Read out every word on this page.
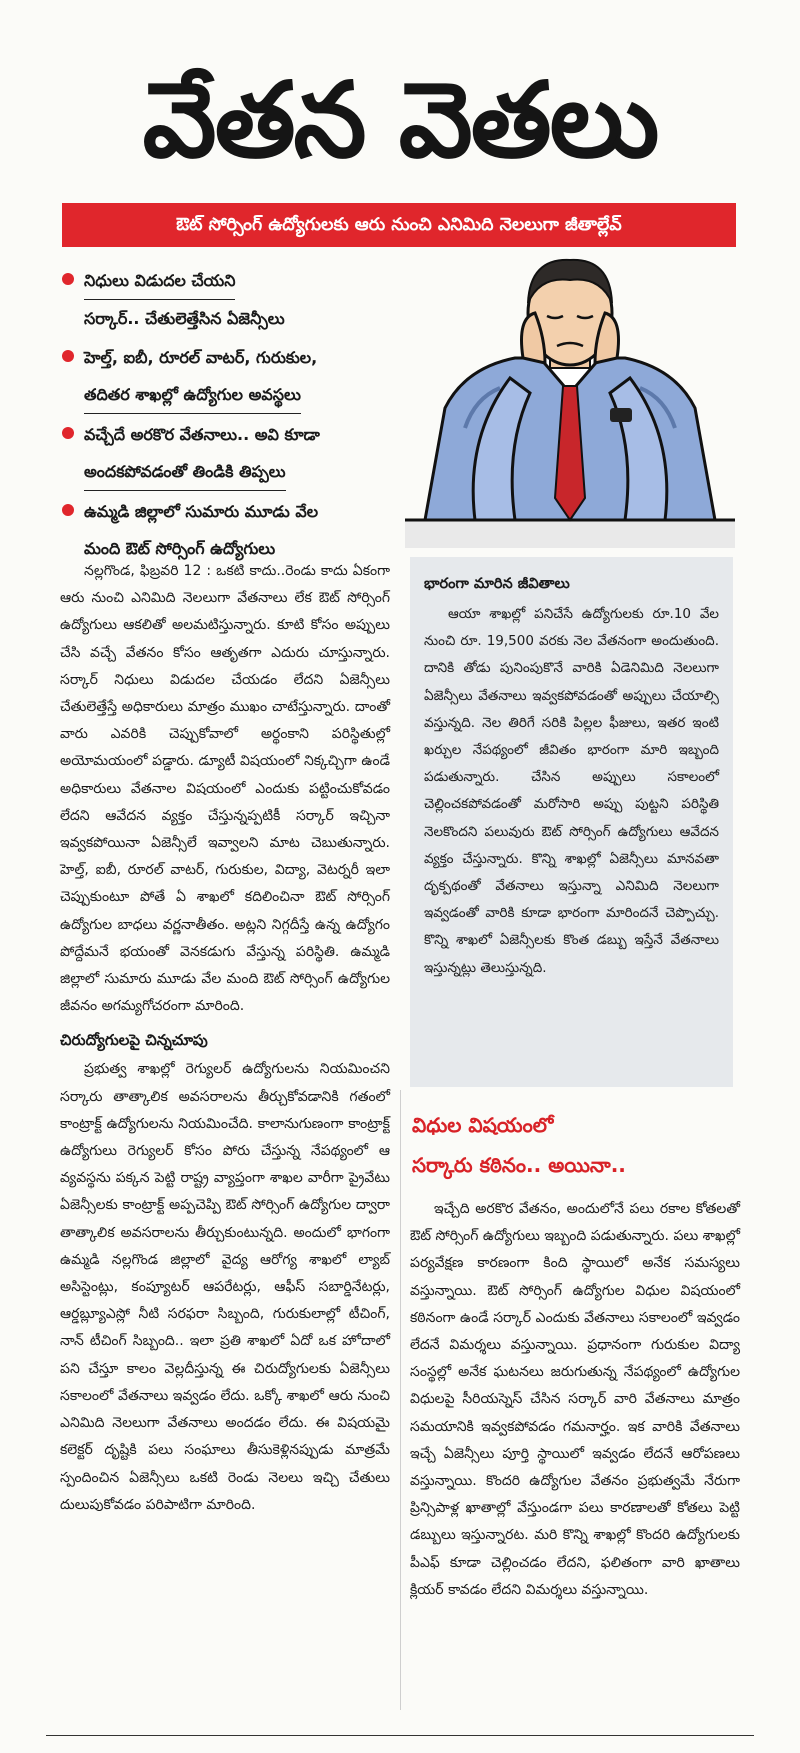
వేతన వెతలు
ఔట్ సోర్సింగ్ ఉద్యోగులకు ఆరు నుంచి ఎనిమిది నెలలుగా జీతాల్లేవ్
నిధులు విడుదల చేయని
సర్కార్.. చేతులెత్తేసిన ఏజెన్సీలు
హెల్త్, ఐబీ, రూరల్ వాటర్, గురుకుల,
తదితర శాఖల్లో ఉద్యోగుల అవస్థలు
వచ్చేదే అరకొర వేతనాలు.. అవి కూడా
అందకపోవడంతో తిండికి తిప్పలు
ఉమ్మడి జిల్లాలో సుమారు మూడు వేల
మంది ఔట్ సోర్సింగ్ ఉద్యోగులు

నల్లగొండ, ఫిబ్రవరి 12 : ఒకటి కాదు..రెండు కాదు ఏకంగా ఆరు నుంచి ఎనిమిది నెలలుగా వేతనాలు లేక ఔట్ సోర్సింగ్ ఉద్యోగులు ఆకలితో అలమటిస్తున్నారు. కూటి కోసం అప్పులు చేసి వచ్చే వేతనం కోసం ఆతృతగా ఎదురు చూస్తున్నారు. సర్కార్ నిధులు విడుదల చేయడం లేదని ఏజెన్సీలు చేతులెత్తేస్తే అధికారులు మాత్రం ముఖం చాటేస్తున్నారు. దాంతో వారు ఎవరికి చెప్పుకోవాలో అర్థంకాని పరిస్థితుల్లో అయోమయంలో పడ్డారు. డ్యూటీ విషయంలో నిక్కచ్చిగా ఉండే అధికారులు వేతనాల విషయంలో ఎందుకు పట్టించుకోవడం లేదని ఆవేదన వ్యక్తం చేస్తున్నప్పటికీ సర్కార్ ఇచ్చినా ఇవ్వకపోయినా ఏజెన్సీలే ఇవ్వాలని మాట చెబుతున్నారు. హెల్త్, ఐబీ, రూరల్ వాటర్, గురుకుల, విద్యా, వెటర్నరీ ఇలా చెప్పుకుంటూ పోతే ఏ శాఖలో కదిలించినా ఔట్ సోర్సింగ్ ఉద్యోగుల బాధలు వర్ణనాతీతం. అట్లని నిగ్గదీస్తే ఉన్న ఉద్యోగం పోద్దేమనే భయంతో వెనకడుగు వేస్తున్న పరిస్థితి. ఉమ్మడి జిల్లాలో సుమారు మూడు వేల మంది ఔట్ సోర్సింగ్ ఉద్యోగుల జీవనం అగమ్యగోచరంగా మారింది.

చిరుద్యోగులపై చిన్నచూపు

ప్రభుత్వ శాఖల్లో రెగ్యులర్ ఉద్యోగులను నియమించని సర్కారు తాత్కాలిక అవసరాలను తీర్చుకోవడానికి గతంలో కాంట్రాక్ట్ ఉద్యోగులను నియమించేది. కాలానుగుణంగా కాంట్రాక్ట్ ఉద్యోగులు రెగ్యులర్ కోసం పోరు చేస్తున్న నేపథ్యంలో ఆ వ్యవస్థను పక్కన పెట్టి రాష్ట్ర వ్యాప్తంగా శాఖల వారీగా ప్రైవేటు ఏజెన్సీలకు కాంట్రాక్ట్ అప్పచెప్పి ఔట్ సోర్సింగ్ ఉద్యోగుల ద్వారా తాత్కాలిక అవసరాలను తీర్చుకుంటున్నది. అందులో భాగంగా ఉమ్మడి నల్లగొండ జిల్లాలో వైద్య ఆరోగ్య శాఖలో ల్యాబ్ అసిస్టెంట్లు, కంప్యూటర్ ఆపరేటర్లు, ఆఫీస్ సబార్డినేటర్లు, ఆర్డబ్ల్యూఎస్లో నీటి సరఫరా సిబ్బంది, గురుకులాల్లో టీచింగ్, నాన్ టీచింగ్ సిబ్బంది.. ఇలా ప్రతి శాఖలో ఏదో ఒక హోదాలో పని చేస్తూ కాలం వెల్లదీస్తున్న ఈ చిరుద్యోగులకు ఏజెన్సీలు సకాలంలో వేతనాలు ఇవ్వడం లేదు. ఒక్కో శాఖలో ఆరు నుంచి ఎనిమిది నెలలుగా వేతనాలు అందడం లేదు. ఈ విషయమై కలెక్టర్ దృష్టికి పలు సంఘాలు తీసుకెళ్లినప్పుడు మాత్రమే స్పందించిన ఏజెన్సీలు ఒకటి రెండు నెలలు ఇచ్చి చేతులు దులుపుకోవడం పరిపాటిగా మారింది.

భారంగా మారిన జీవితాలు

ఆయా శాఖల్లో పనిచేసే ఉద్యోగులకు రూ.10 వేల నుంచి రూ. 19,500 వరకు నెల వేతనంగా అందుతుంది. దానికి తోడు పునింపుకొనే వారికి ఏడెనిమిది నెలలుగా ఏజెన్సీలు వేతనాలు ఇవ్వకపోవడంతో అప్పులు చేయాల్సి వస్తున్నది. నెల తిరిగే సరికి పిల్లల ఫీజులు, ఇతర ఇంటి ఖర్చుల నేపథ్యంలో జీవితం భారంగా మారి ఇబ్బంది పడుతున్నారు. చేసిన అప్పులు సకాలంలో చెల్లించకపోవడంతో మరోసారి అప్పు పుట్టని పరిస్థితి నెలకొందని పలువురు ఔట్ సోర్సింగ్ ఉద్యోగులు ఆవేదన వ్యక్తం చేస్తున్నారు. కొన్ని శాఖల్లో ఏజెన్సీలు మానవతా దృక్పథంతో వేతనాలు ఇస్తున్నా ఎనిమిది నెలలుగా ఇవ్వడంతో వారికి కూడా భారంగా మారిందనే చెప్పొచ్చు. కొన్ని శాఖలో ఏజెన్సీలకు కొంత డబ్బు ఇస్తేనే వేతనాలు ఇస్తున్నట్లు తెలుస్తున్నది.

విధుల విషయంలో
సర్కారు కఠినం.. అయినా..

ఇచ్చేది అరకొర వేతనం, అందులోనే పలు రకాల కోతలతో ఔట్ సోర్సింగ్ ఉద్యోగులు ఇబ్బంది పడుతున్నారు. పలు శాఖల్లో పర్యవేక్షణ కారణంగా కింది స్థాయిలో అనేక సమస్యలు వస్తున్నాయి. ఔట్ సోర్సింగ్ ఉద్యోగుల విధుల విషయంలో కఠినంగా ఉండే సర్కార్ ఎందుకు వేతనాలు సకాలంలో ఇవ్వడం లేదనే విమర్శలు వస్తున్నాయి. ప్రధానంగా గురుకుల విద్యా సంస్థల్లో అనేక ఘటనలు జరుగుతున్న నేపథ్యంలో ఉద్యోగుల విధులపై సీరియస్నెస్ చేసిన సర్కార్ వారి వేతనాలు మాత్రం సమయానికి ఇవ్వకపోవడం గమనార్హం. ఇక వారికి వేతనాలు ఇచ్చే ఏజెన్సీలు పూర్తి స్థాయిలో ఇవ్వడం లేదనే ఆరోపణలు వస్తున్నాయి. కొందరి ఉద్యోగుల వేతనం ప్రభుత్వమే నేరుగా ప్రిన్సిపాళ్ల ఖాతాల్లో వేస్తుండగా పలు కారణాలతో కోతలు పెట్టి డబ్బులు ఇస్తున్నారట. మరి కొన్ని శాఖల్లో కొందరి ఉద్యోగులకు పీఎఫ్ కూడా చెల్లించడం లేదని, ఫలితంగా వారి ఖాతాలు క్లియర్ కావడం లేదని విమర్శలు వస్తున్నాయి.
